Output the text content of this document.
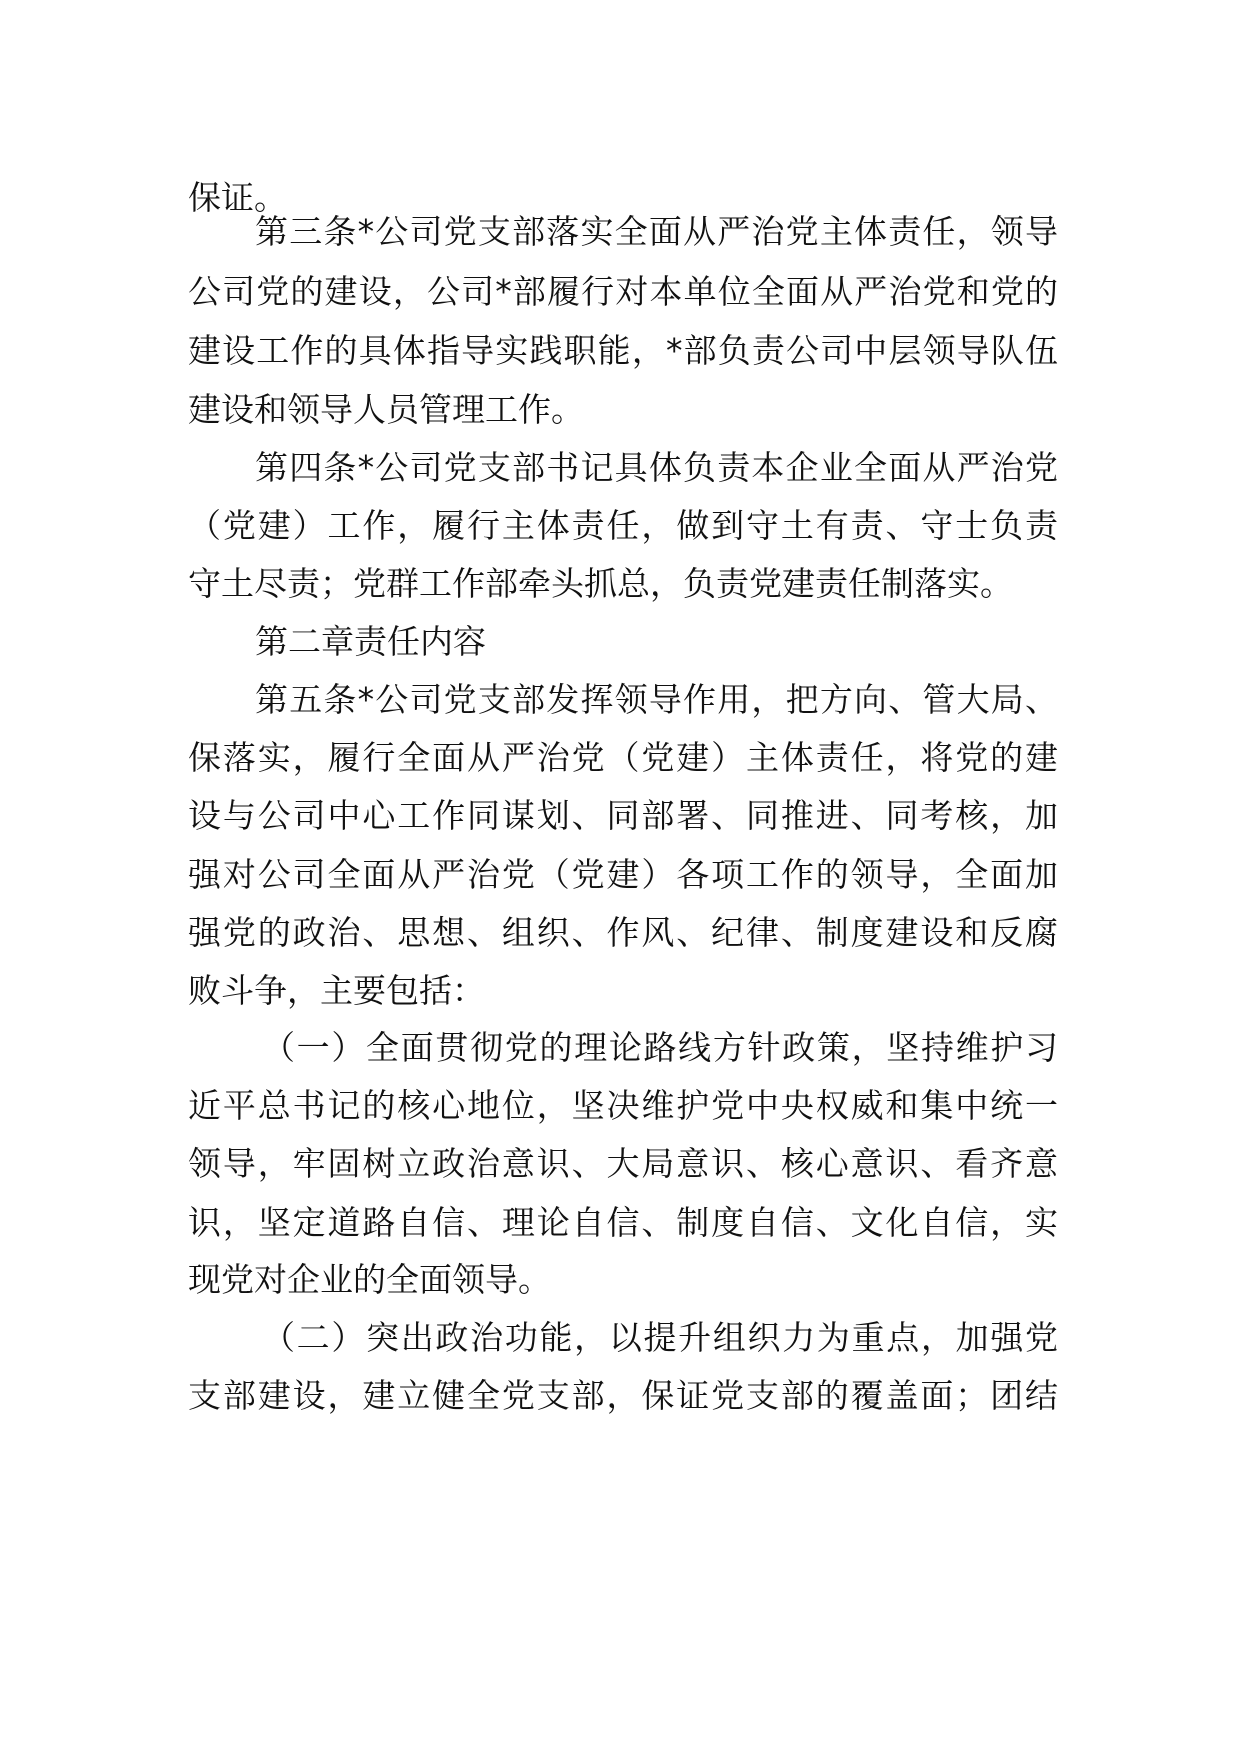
保证。
第三条*公司党支部落实全面从严治党主体责任，领导
公司党的建设，公司*部履行对本单位全面从严治党和党的
建设工作的具体指导实践职能，*部负责公司中层领导队伍
建设和领导人员管理工作。
第四条*公司党支部书记具体负责本企业全面从严治党
（党建）工作，履行主体责任，做到守土有责、守士负责
守土尽责；党群工作部牵头抓总，负责党建责任制落实。
第二章责任内容
第五条*公司党支部发挥领导作用，把方向、管大局、
保落实，履行全面从严治党（党建）主体责任，将党的建
设与公司中心工作同谋划、同部署、同推进、同考核，加
强对公司全面从严治党（党建）各项工作的领导，全面加
强党的政治、思想、组织、作风、纪律、制度建设和反腐
败斗争，主要包括：
（一）全面贯彻党的理论路线方针政策，坚持维护习
近平总书记的核心地位，坚决维护党中央权威和集中统一
领导，牢固树立政治意识、大局意识、核心意识、看齐意
识，坚定道路自信、理论自信、制度自信、文化自信，实
现党对企业的全面领导。
（二）突出政治功能，以提升组织力为重点，加强党
支部建设，建立健全党支部，保证党支部的覆盖面；团结
